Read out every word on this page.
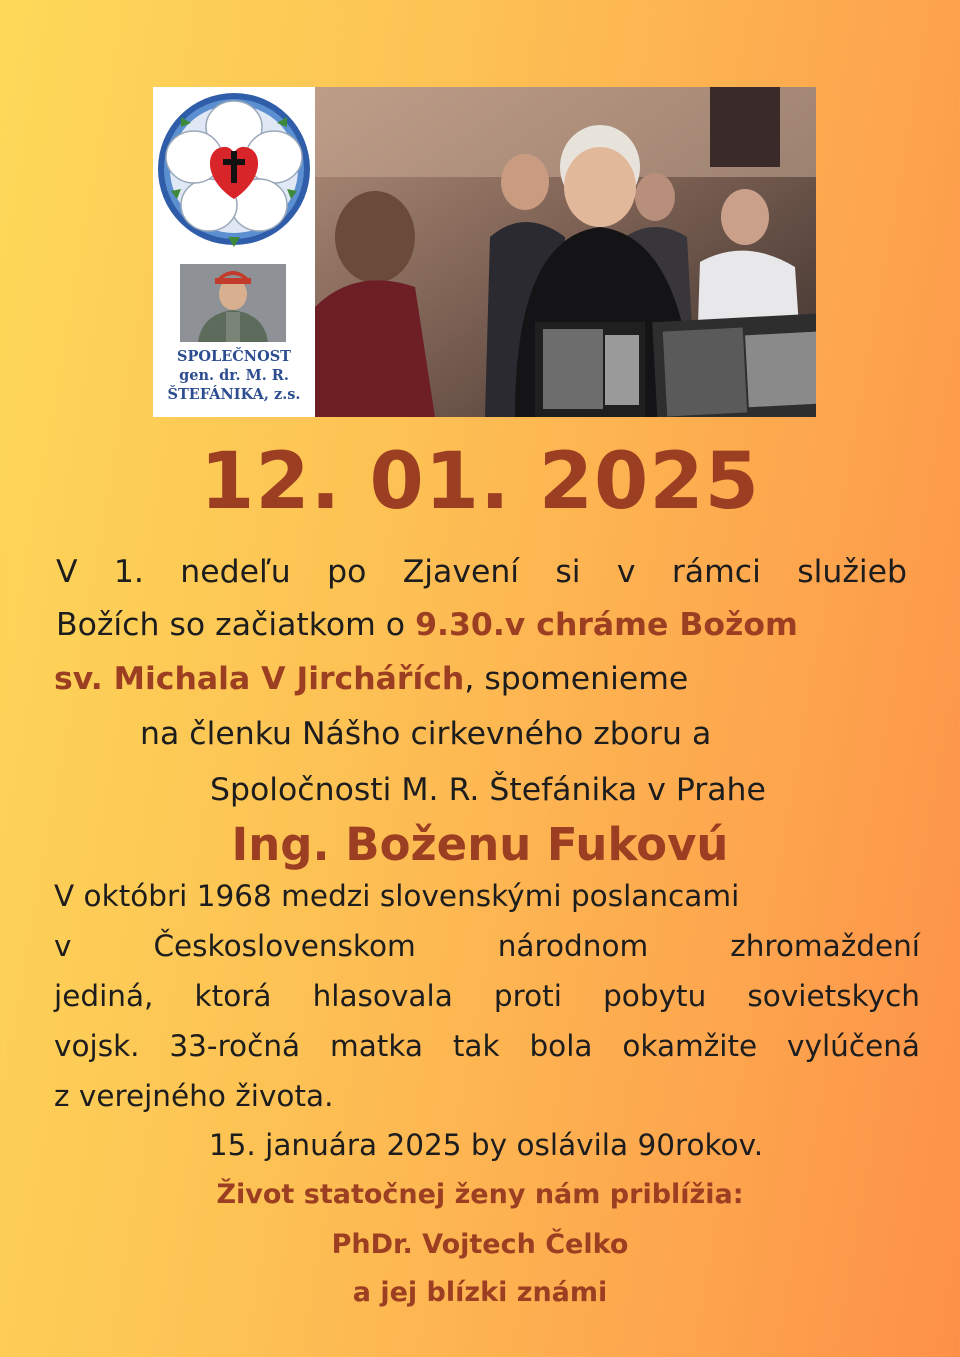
SPOLEČNOST
gen. dr. M. R.
ŠTEFÁNIKA, z.s.
12. 01. 2025
V 1. nedeľu po Zjavení si v rámci služieb
Božích so začiatkom o 9.30.v chráme Božom
sv. Michala V Jirchářích, spomenieme
na členku Nášho cirkevného zboru a
Spoločnosti M. R. Štefánika v Prahe
Ing. Boženu Fukovú
V októbri 1968 medzi slovenskými poslancami
v Československom národnom zhromaždení
jediná, ktorá hlasovala proti pobytu sovietskych
vojsk. 33-ročná matka tak bola okamžite vylúčená
z verejného života.
15. januára 2025 by oslávila 90rokov.
Život statočnej ženy nám priblížia:
PhDr. Vojtech Čelko
a jej blízki známi
